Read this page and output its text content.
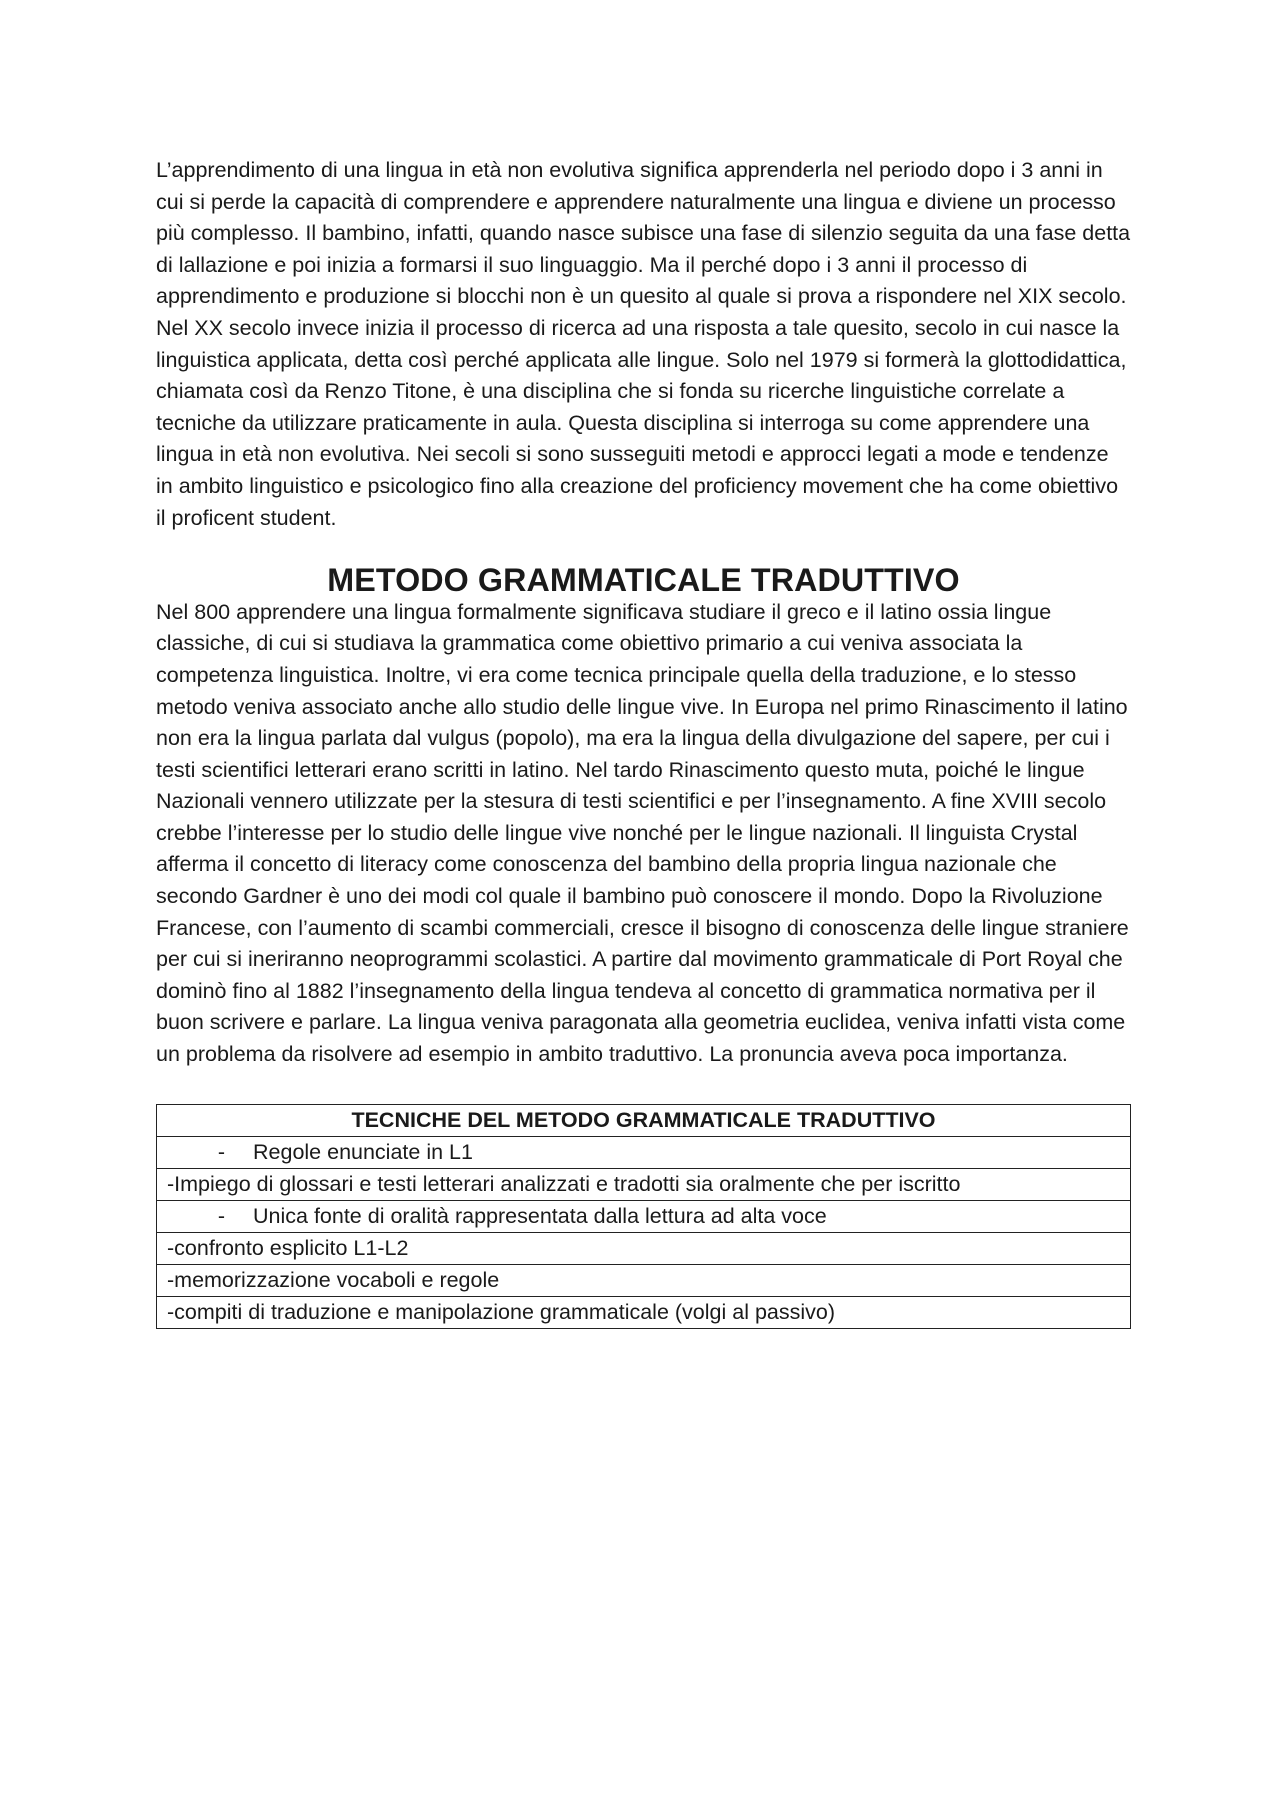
L’apprendimento di una lingua in età non evolutiva significa apprenderla nel periodo dopo i 3 anni in cui si perde la capacità di comprendere e apprendere naturalmente una lingua e diviene un processo più complesso. Il bambino, infatti, quando nasce subisce una fase di silenzio seguita da una fase detta di lallazione e poi inizia a formarsi il suo linguaggio. Ma il perché dopo i 3 anni il processo di apprendimento e produzione si blocchi non è un quesito al quale si prova a rispondere nel XIX secolo. Nel XX secolo invece inizia il processo di ricerca ad una risposta a tale quesito, secolo in cui nasce la linguistica applicata, detta così perché applicata alle lingue. Solo nel 1979 si formerà la glottodidattica, chiamata così da Renzo Titone, è una disciplina che si fonda su ricerche linguistiche correlate a tecniche da utilizzare praticamente in aula. Questa disciplina si interroga su come apprendere una lingua in età non evolutiva. Nei secoli si sono susseguiti metodi e approcci legati a mode e tendenze in ambito linguistico e psicologico fino alla creazione del proficiency movement che ha come obiettivo il proficent student.

METODO GRAMMATICALE TRADUTTIVO

Nel 800 apprendere una lingua formalmente significava studiare il greco e il latino ossia lingue classiche, di cui si studiava la grammatica come obiettivo primario a cui veniva associata la competenza linguistica. Inoltre, vi era come tecnica principale quella della traduzione, e lo stesso metodo veniva associato anche allo studio delle lingue vive. In Europa nel primo Rinascimento il latino non era la lingua parlata dal vulgus (popolo), ma era la lingua della divulgazione del sapere, per cui i testi scientifici letterari erano scritti in latino. Nel tardo Rinascimento questo muta, poiché le lingue Nazionali vennero utilizzate per la stesura di testi scientifici e per l’insegnamento. A fine XVIII secolo crebbe l’interesse per lo studio delle lingue vive nonché per le lingue nazionali. Il linguista Crystal afferma il concetto di literacy come conoscenza del bambino della propria lingua nazionale che secondo Gardner è uno dei modi col quale il bambino può conoscere il mondo. Dopo la Rivoluzione Francese, con l’aumento di scambi commerciali, cresce il bisogno di conoscenza delle lingue straniere per cui si ineriranno neoprogrammi scolastici. A partire dal movimento grammaticale di Port Royal che dominò fino al 1882 l’insegnamento della lingua tendeva al concetto di grammatica normativa per il buon scrivere e parlare. La lingua veniva paragonata alla geometria euclidea, veniva infatti vista come un problema da risolvere ad esempio in ambito traduttivo. La pronuncia aveva poca importanza.

TECNICHE DEL METODO GRAMMATICALE TRADUTTIVO
- Regole enunciate in L1
-Impiego di glossari e testi letterari analizzati e tradotti sia oralmente che per iscritto
- Unica fonte di oralità rappresentata dalla lettura ad alta voce
-confronto esplicito L1-L2
-memorizzazione vocaboli e regole
-compiti di traduzione e manipolazione grammaticale (volgi al passivo)
